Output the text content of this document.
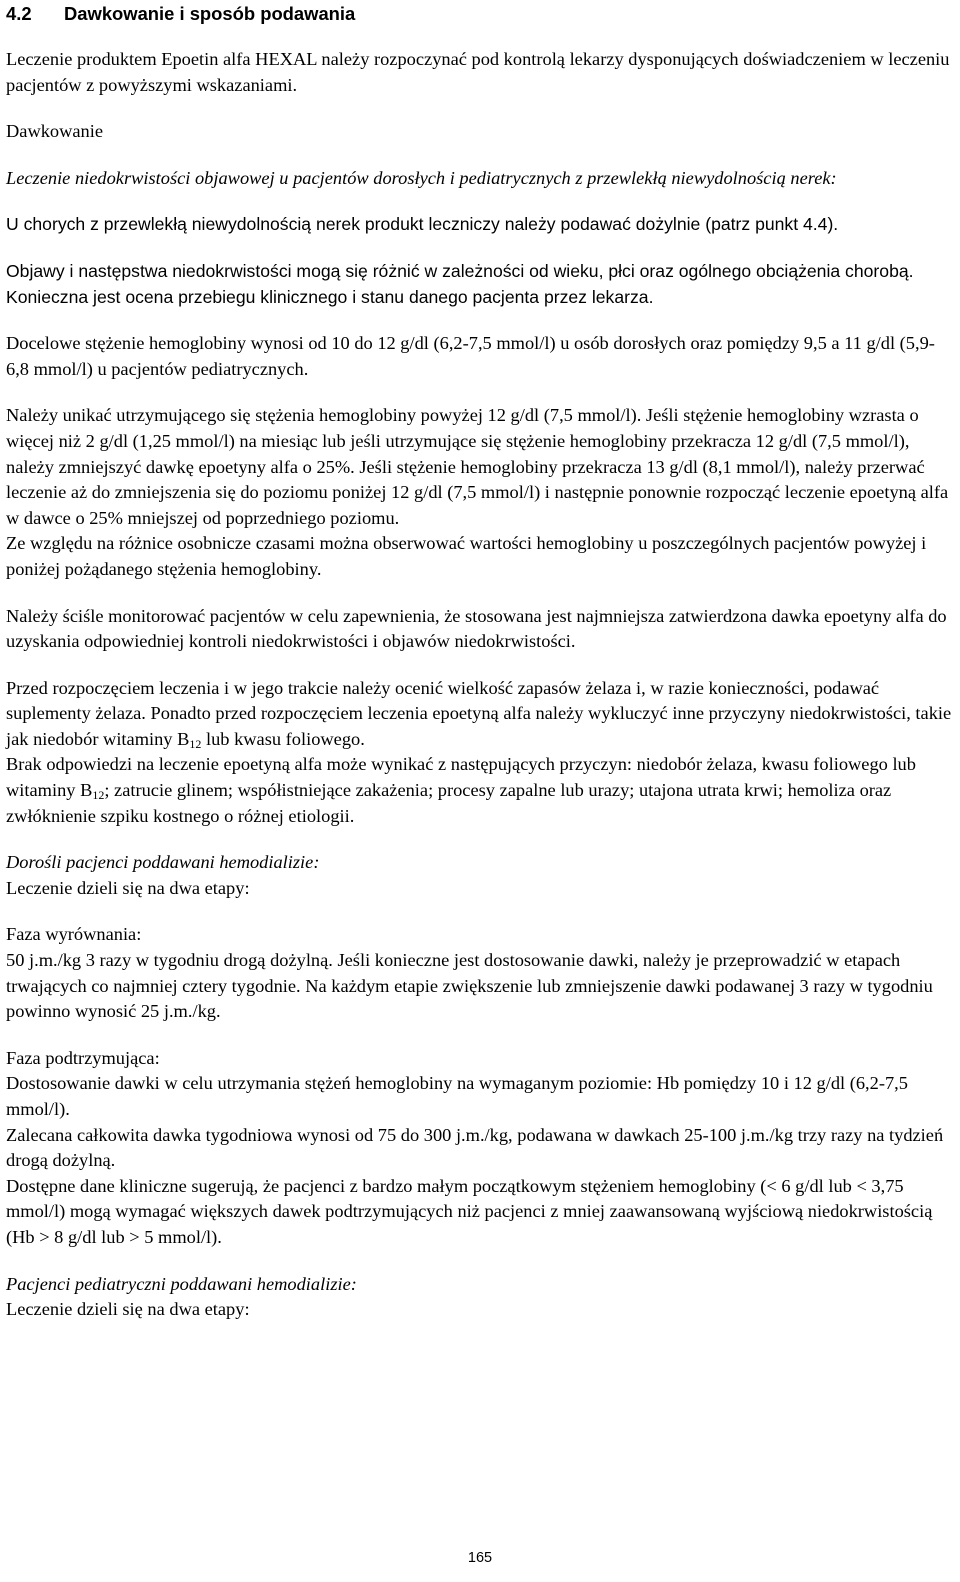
4.2 Dawkowanie i sposób podawania

Leczenie produktem Epoetin alfa HEXAL należy rozpoczynać pod kontrolą lekarzy dysponujących doświadczeniem w leczeniu pacjentów z powyższymi wskazaniami.

Dawkowanie

Leczenie niedokrwistości objawowej u pacjentów dorosłych i pediatrycznych z przewlekłą niewydolnością nerek:

U chorych z przewlekłą niewydolnością nerek produkt leczniczy należy podawać dożylnie (patrz punkt 4.4).

Objawy i następstwa niedokrwistości mogą się różnić w zależności od wieku, płci oraz ogólnego obciążenia chorobą. Konieczna jest ocena przebiegu klinicznego i stanu danego pacjenta przez lekarza.

Docelowe stężenie hemoglobiny wynosi od 10 do 12 g/dl (6,2-7,5 mmol/l) u osób dorosłych oraz pomiędzy 9,5 a 11 g/dl (5,9-6,8 mmol/l) u pacjentów pediatrycznych.

Należy unikać utrzymującego się stężenia hemoglobiny powyżej 12 g/dl (7,5 mmol/l). Jeśli stężenie hemoglobiny wzrasta o więcej niż 2 g/dl (1,25 mmol/l) na miesiąc lub jeśli utrzymujące się stężenie hemoglobiny przekracza 12 g/dl (7,5 mmol/l), należy zmniejszyć dawkę epoetyny alfa o 25%. Jeśli stężenie hemoglobiny przekracza 13 g/dl (8,1 mmol/l), należy przerwać leczenie aż do zmniejszenia się do poziomu poniżej 12 g/dl (7,5 mmol/l) i następnie ponownie rozpocząć leczenie epoetyną alfa w dawce o 25% mniejszej od poprzedniego poziomu.

Ze względu na różnice osobnicze czasami można obserwować wartości hemoglobiny u poszczególnych pacjentów powyżej i poniżej pożądanego stężenia hemoglobiny.

Należy ściśle monitorować pacjentów w celu zapewnienia, że stosowana jest najmniejsza zatwierdzona dawka epoetyny alfa do uzyskania odpowiedniej kontroli niedokrwistości i objawów niedokrwistości.

Przed rozpoczęciem leczenia i w jego trakcie należy ocenić wielkość zapasów żelaza i, w razie konieczności, podawać suplementy żelaza. Ponadto przed rozpoczęciem leczenia epoetyną alfa należy wykluczyć inne przyczyny niedokrwistości, takie jak niedobór witaminy $B_{12}$ lub kwasu foliowego.

Brak odpowiedzi na leczenie epoetyną alfa może wynikać z następujących przyczyn: niedobór żelaza, kwasu foliowego lub witaminy $B_{12}$; zatrucie glinem; współistniejące zakażenia; procesy zapalne lub urazy; utajona utrata krwi; hemoliza oraz zwłóknienie szpiku kostnego o różnej etiologii.

Dorośli pacjenci poddawani hemodializie:

Leczenie dzieli się na dwa etapy:

Faza wyrównania:

50 j.m./kg 3 razy w tygodniu drogą dożylną. Jeśli konieczne jest dostosowanie dawki, należy je przeprowadzić w etapach trwających co najmniej cztery tygodnie. Na każdym etapie zwiększenie lub zmniejszenie dawki podawanej 3 razy w tygodniu powinno wynosić 25 j.m./kg.

Faza podtrzymująca:

Dostosowanie dawki w celu utrzymania stężeń hemoglobiny na wymaganym poziomie: Hb pomiędzy 10 i 12 g/dl (6,2-7,5 mmol/l).

Zalecana całkowita dawka tygodniowa wynosi od 75 do 300 j.m./kg, podawana w dawkach 25-100 j.m./kg trzy razy na tydzień drogą dożylną.

Dostępne dane kliniczne sugerują, że pacjenci z bardzo małym początkowym stężeniem hemoglobiny (< 6 g/dl lub < 3,75 mmol/l) mogą wymagać większych dawek podtrzymujących niż pacjenci z mniej zaawansowaną wyjściową niedokrwistością (Hb > 8 g/dl lub > 5 mmol/l).

Pacjenci pediatryczni poddawani hemodializie:

Leczenie dzieli się na dwa etapy:

165
